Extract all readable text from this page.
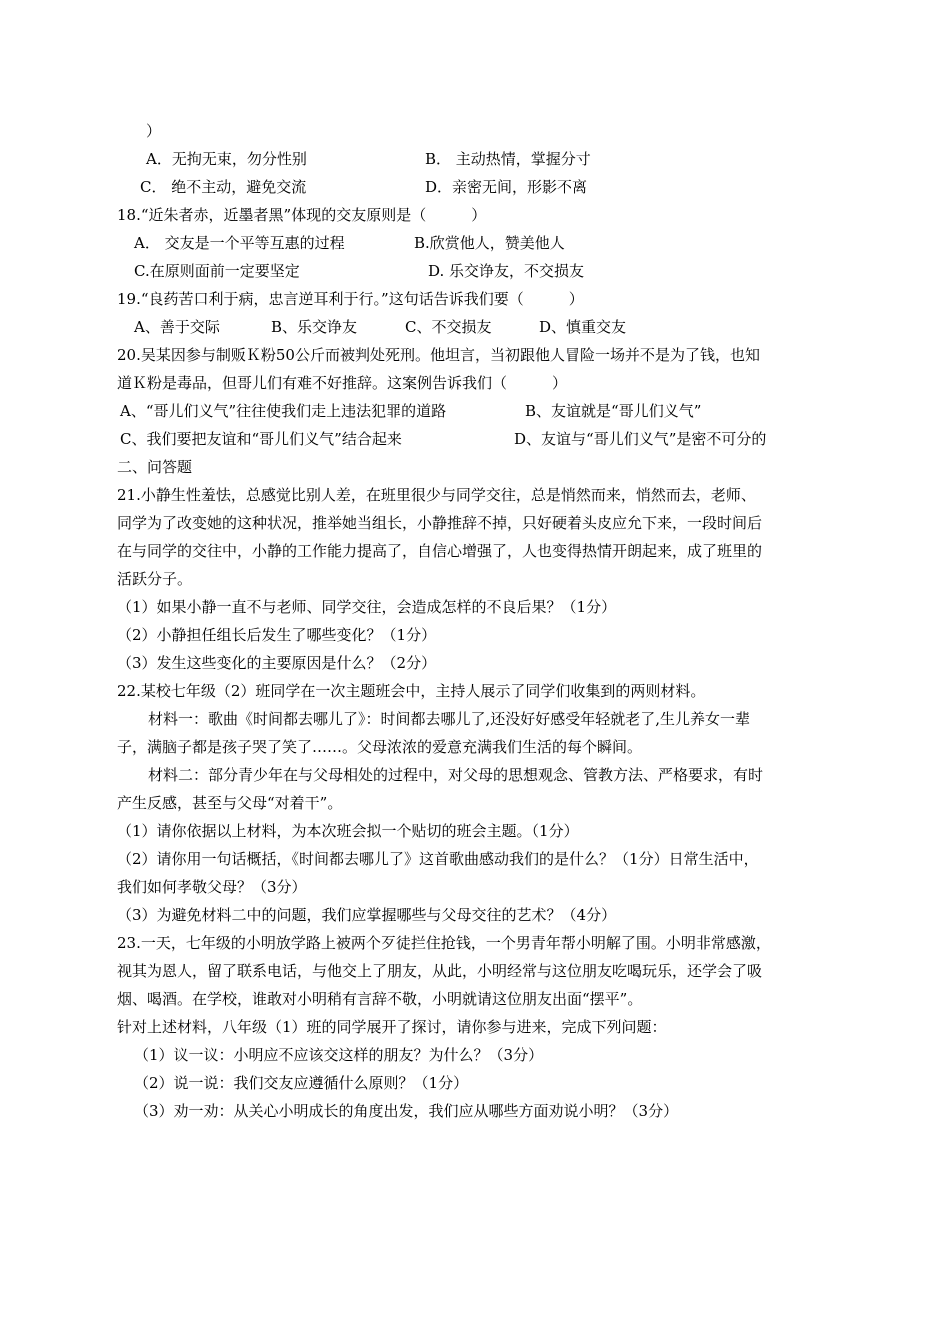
）
A．无拘无束，勿分性别	B． 主动热情，掌握分寸
C． 绝不主动，避免交流	D．亲密无间，形影不离
18.“近朱者赤，近墨者黑”体现的交友原则是（　　　）
A． 交友是一个平等互惠的过程	B.欣赏他人，赞美他人
C.在原则面前一定要坚定	D. 乐交诤友，不交损友
19.“良药苦口利于病，忠言逆耳利于行。”这句话告诉我们要（　　　）
A、善于交际	B、乐交诤友	C、不交损友	D、慎重交友
20.吴某因参与制贩Ｋ粉50公斤而被判处死刑。他坦言，当初跟他人冒险一场并不是为了钱，也知
道Ｋ粉是毒品，但哥儿们有难不好推辞。这案例告诉我们（　　　）
A、“哥儿们义气”往往使我们走上违法犯罪的道路	B、友谊就是“哥儿们义气”
C、我们要把友谊和“哥儿们义气”结合起来	D、友谊与“哥儿们义气”是密不可分的
二、问答题
21.小静生性羞怯，总感觉比别人差，在班里很少与同学交往，总是悄然而来，悄然而去，老师、
同学为了改变她的这种状况，推举她当组长，小静推辞不掉，只好硬着头皮应允下来，一段时间后
在与同学的交往中，小静的工作能力提高了，自信心增强了，人也变得热情开朗起来，成了班里的
活跃分子。
（1）如果小静一直不与老师、同学交往，会造成怎样的不良后果？（1分）
（2）小静担任组长后发生了哪些变化？（1分）
（3）发生这些变化的主要原因是什么？（2分）
22.某校七年级（2）班同学在一次主题班会中，主持人展示了同学们收集到的两则材料。
材料一：歌曲《时间都去哪儿了》：时间都去哪儿了,还没好好感受年轻就老了,生儿养女一辈
子，满脑子都是孩子哭了笑了……。父母浓浓的爱意充满我们生活的每个瞬间。
材料二：部分青少年在与父母相处的过程中，对父母的思想观念、管教方法、严格要求，有时
产生反感，甚至与父母“对着干”。
（1）请你依据以上材料，为本次班会拟一个贴切的班会主题。（1分）
（2）请你用一句话概括，《时间都去哪儿了》这首歌曲感动我们的是什么？（1分）日常生活中，
我们如何孝敬父母？（3分）
（3）为避免材料二中的问题，我们应掌握哪些与父母交往的艺术？（4分）
23.一天，七年级的小明放学路上被两个歹徒拦住抢钱，一个男青年帮小明解了围。小明非常感激，
视其为恩人，留了联系电话，与他交上了朋友，从此，小明经常与这位朋友吃喝玩乐，还学会了吸
烟、喝酒。在学校，谁敢对小明稍有言辞不敬，小明就请这位朋友出面“摆平”。
针对上述材料，八年级（1）班的同学展开了探讨，请你参与进来，完成下列问题：
（1）议一议：小明应不应该交这样的朋友？为什么？（3分）
（2）说一说：我们交友应遵循什么原则？（1分）
（3）劝一劝：从关心小明成长的角度出发，我们应从哪些方面劝说小明？（3分）
